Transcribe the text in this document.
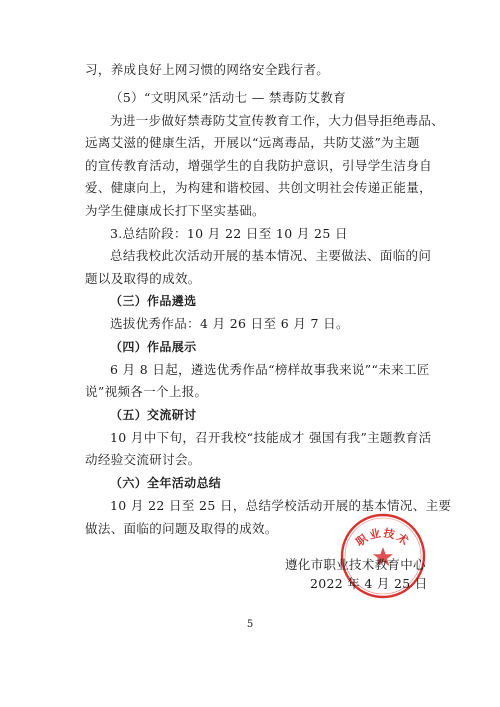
习，养成良好上网习惯的网络安全践行者。
（5）“文明风采”活动七 — 禁毒防艾教育
为进一步做好禁毒防艾宣传教育工作，大力倡导拒绝毒品、
远离艾滋的健康生活，开展以“远离毒品，共防艾滋”为主题
的宣传教育活动，增强学生的自我防护意识，引导学生洁身自
爱、健康向上，为构建和谐校园、共创文明社会传递正能量，
为学生健康成长打下坚实基础。
3.总结阶段：10 月 22 日至 10 月 25 日
总结我校此次活动开展的基本情况、主要做法、面临的问
题以及取得的成效。
（三）作品遴选
选拔优秀作品：4 月 26 日至 6 月 7 日。
（四）作品展示
6 月 8 日起，遴选优秀作品“榜样故事我来说”“未来工匠
说”视频各一个上报。
（五）交流研讨
10 月中下旬，召开我校“技能成才 强国有我”主题教育活
动经验交流研讨会。
（六）全年活动总结
10 月 22 日至 25 日，总结学校活动开展的基本情况、主要
做法、面临的问题及取得的成效。
职业技术
遵化市职业技术教育中心
2022 年 4 月 25 日
5
